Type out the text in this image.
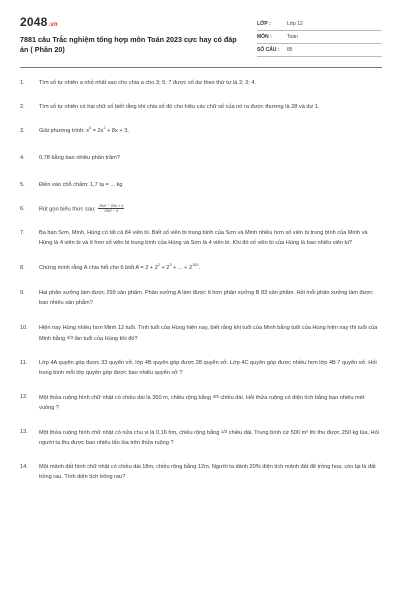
2048.vn
7881 câu Trắc nghiệm tổng hợp môn Toán 2023 cực hay có đáp án ( Phần 20)
LỚP :	Lớp 12
MÔN :	Toán
SỐ CÂU :	85
1.	Tìm số tự nhiên a nhỏ nhất sao cho chia a cho 3; 5; 7 được số dư theo thứ tự là 2; 3; 4.
2.	Tìm số tự nhiên có hai chữ số biết rằng khi chia số đó cho hiệu các chữ số của nó ra được thương là 28 và dư 1.
3.	Giải phương trình: $x^4 = 2x^2 + 8x + 3$.
4.	0,78 bằng bao nhiêu phần trăm?
5.	Điền vào chỗ chấm: 1,7 tạ = ... kg
6.	Rút gọn biểu thức sau: $\frac{\text{25x² − 20x + 4}}{\text{25x² − 4}}$
7.	Ba bạn Sơn, Minh, Hùng có tất cả 84 viên bi. Biết số viên bi trung bình của Sơn và Minh nhiều hơn số viên bi trung bình của Minh và Hùng là 4 viên bi và ít hơn số viên bi trung bình của Hùng và Sơn là 4 viên bi. Khi đó số viên bi của Hùng là bao nhiêu viên bi?
8.	Chứng minh rằng A chia hết cho 6 biết $A = 2 + 2^2 + 2^3$ + ... + $2^{100}$.
9.	Hai phân xưởng làm được 299 sản phẩm. Phân xưởng A làm được ít hơn phân xưởng B 83 sản phẩm. Hỏi mỗi phân xưởng làm được bao nhiêu sản phẩm?
10.	Hiện nay Hùng nhiều hơn Minh 12 tuổi. Tính tuổi của Hùng hiện nay, biết rằng khi tuổi của Minh bằng tuổi của Hùng hiện nay thì tuổi của Minh bằng 4/3 lần tuổi của Hùng khi đó?
11.	Lớp 4A quyên góp được 33 quyển vở, lớp 4B quyên góp được 28 quyển vở. Lớp 4C quyên góp được nhiều hơn lớp 4B 7 quyển vở. Hỏi trung bình mỗi lớp quyên góp được bao nhiêu quyển vở ?
12.	Một thửa ruộng hình chữ nhật có chiều dài là 360 m, chiều rộng bằng 4/5 chiều dài. Hỏi thửa ruộng có diện tích bằng bao nhiêu mét vuông ?
13.	Một thửa ruộng hình chữ nhật có nửa chu vi là 0,16 hm, chiều rộng bằng 1/3 chiều dài. Trung bình cứ 500 m² thì thu được 250 kg lúa. Hỏi người ta thu được bao nhiêu tấn lúa trên thửa ruộng ?
14.	Một mảnh đất hình chữ nhật có chiều dài 18m, chiều rộng bằng 12m. Người ta dành 20% diện tích mảnh đất để trồng hoa, còn lại là đất trồng rau. Tính diện tích trồng rau?
